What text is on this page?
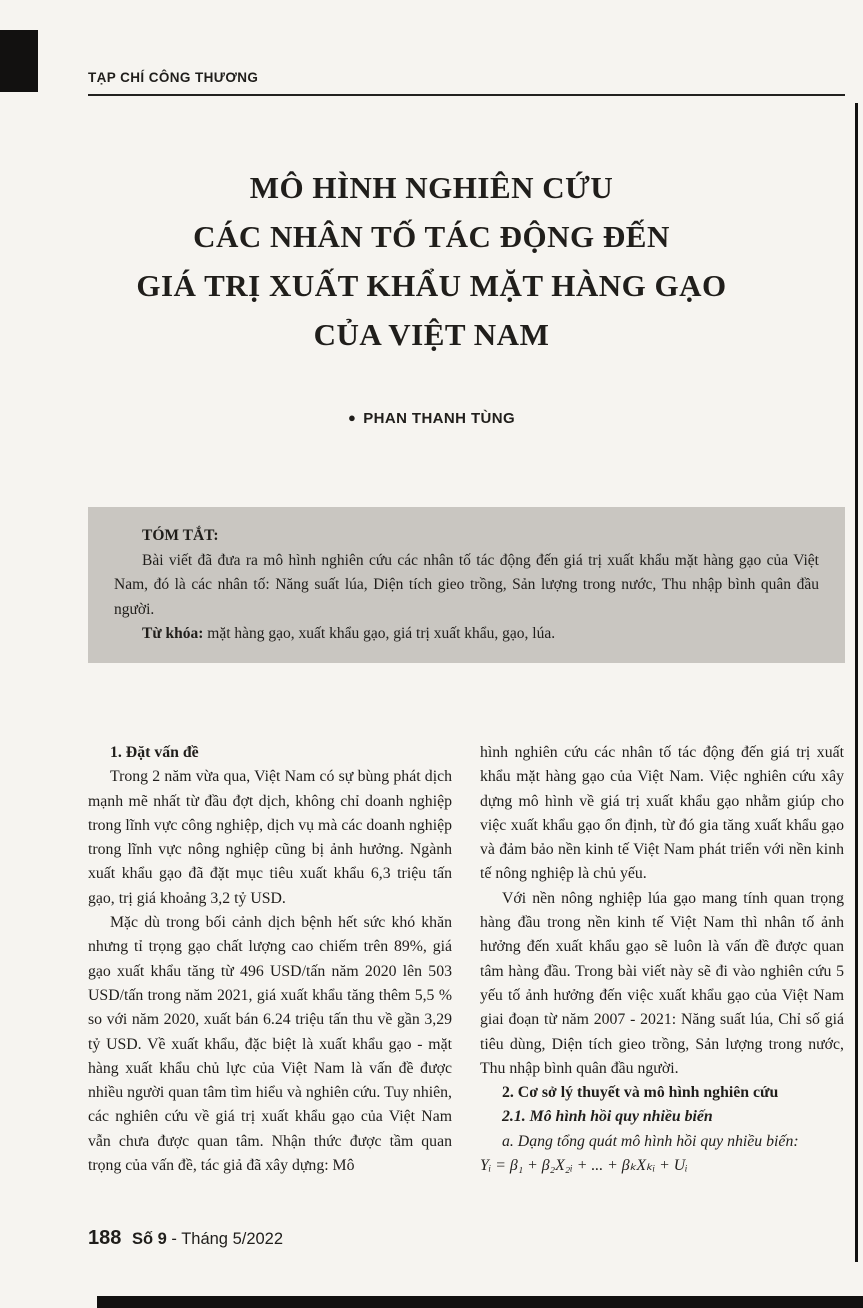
TẠP CHÍ CÔNG THƯƠNG
MÔ HÌNH NGHIÊN CỨU
CÁC NHÂN TỐ TÁC ĐỘNG ĐẾN
GIÁ TRỊ XUẤT KHẨU MẶT HÀNG GẠO
CỦA VIỆT NAM
● PHAN THANH TÙNG
TÓM TẮT:

Bài viết đã đưa ra mô hình nghiên cứu các nhân tố tác động đến giá trị xuất khẩu mặt hàng gạo của Việt Nam, đó là các nhân tố: Năng suất lúa, Diện tích gieo trồng, Sản lượng trong nước, Thu nhập bình quân đầu người.

Từ khóa: mặt hàng gạo, xuất khẩu gạo, giá trị xuất khẩu, gạo, lúa.

1. Đặt vấn đề

Trong 2 năm vừa qua, Việt Nam có sự bùng phát dịch mạnh mẽ nhất từ đầu đợt dịch, không chỉ doanh nghiệp trong lĩnh vực công nghiệp, dịch vụ mà các doanh nghiệp trong lĩnh vực nông nghiệp cũng bị ảnh hưởng. Ngành xuất khẩu gạo đã đặt mục tiêu xuất khẩu 6,3 triệu tấn gạo, trị giá khoảng 3,2 tỷ USD.

Mặc dù trong bối cảnh dịch bệnh hết sức khó khăn nhưng tỉ trọng gạo chất lượng cao chiếm trên 89%, giá gạo xuất khẩu tăng từ 496 USD/tấn năm 2020 lên 503 USD/tấn trong năm 2021, giá xuất khẩu tăng thêm 5,5 % so với năm 2020, xuất bán 6.24 triệu tấn thu về gần 3,29 tỷ USD. Về xuất khẩu, đặc biệt là xuất khẩu gạo - mặt hàng xuất khẩu chủ lực của Việt Nam là vấn đề được nhiều người quan tâm tìm hiểu và nghiên cứu. Tuy nhiên, các nghiên cứu về giá trị xuất khẩu gạo của Việt Nam vẫn chưa được quan tâm. Nhận thức được tầm quan trọng của vấn đề, tác giả đã xây dựng: Mô

hình nghiên cứu các nhân tố tác động đến giá trị xuất khẩu mặt hàng gạo của Việt Nam. Việc nghiên cứu xây dựng mô hình về giá trị xuất khẩu gạo nhằm giúp cho việc xuất khẩu gạo ổn định, từ đó gia tăng xuất khẩu gạo và đảm bảo nền kinh tế Việt Nam phát triển với nền kinh tế nông nghiệp là chủ yếu.

Với nền nông nghiệp lúa gạo mang tính quan trọng hàng đầu trong nền kinh tế Việt Nam thì nhân tố ảnh hưởng đến xuất khẩu gạo sẽ luôn là vấn đề được quan tâm hàng đầu. Trong bài viết này sẽ đi vào nghiên cứu 5 yếu tố ảnh hưởng đến việc xuất khẩu gạo của Việt Nam giai đoạn từ năm 2007 - 2021: Năng suất lúa, Chỉ số giá tiêu dùng, Diện tích gieo trồng, Sản lượng trong nước, Thu nhập bình quân đầu người.

2. Cơ sở lý thuyết và mô hình nghiên cứu
2.1. Mô hình hồi quy nhiều biến
a. Dạng tổng quát mô hình hồi quy nhiều biến:
Yᵢ = β₁ + β₂X₂ᵢ + ... + βₖXₖᵢ + Uᵢ
188 Số 9 - Tháng 5/2022
